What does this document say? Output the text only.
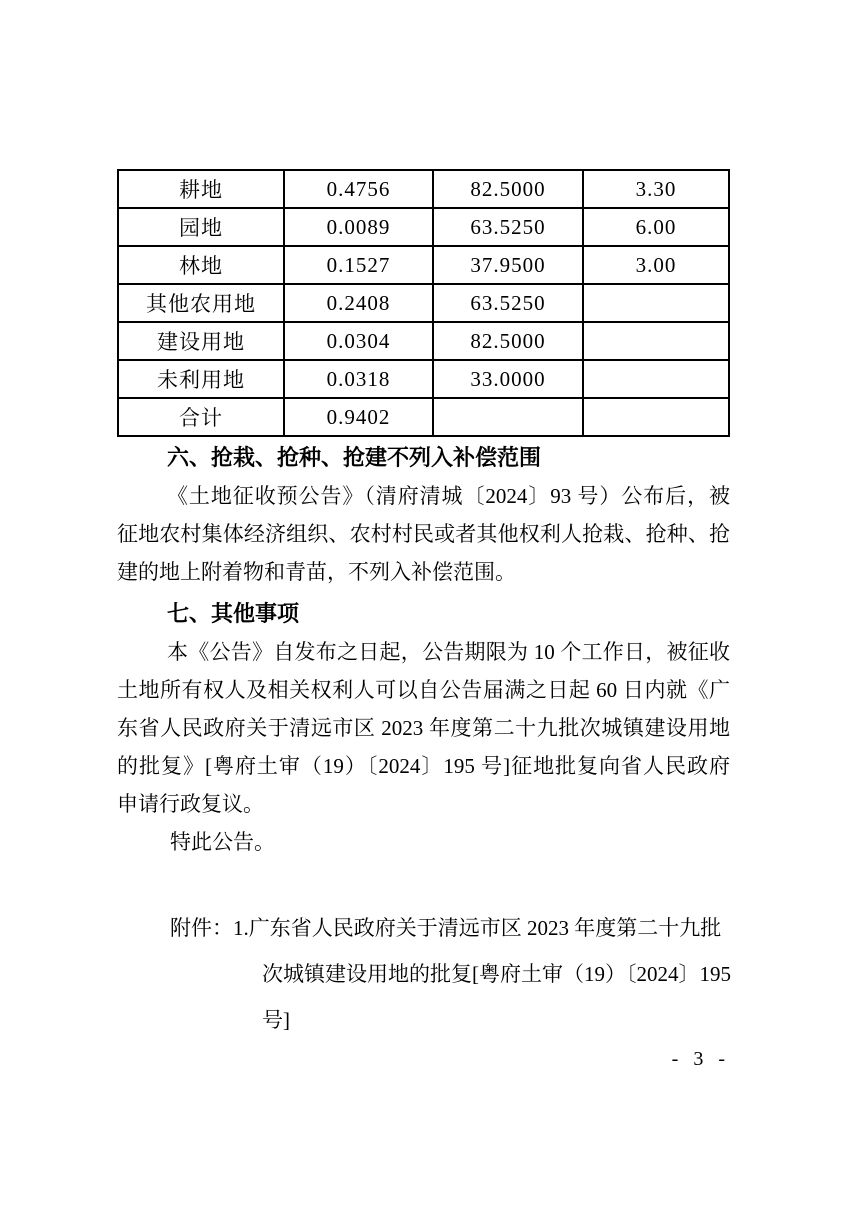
耕地	0.4756	82.5000	3.30
园地	0.0089	63.5250	6.00
林地	0.1527	37.9500	3.00
其他农用地	0.2408	63.5250	
建设用地	0.0304	82.5000	
未利用地	0.0318	33.0000	
合计	0.9402		
六、抢栽、抢种、抢建不列入补偿范围
《土地征收预公告》（清府清城〔2024〕93 号）公布后，被
征地农村集体经济组织、农村村民或者其他权利人抢栽、抢种、抢
建的地上附着物和青苗，不列入补偿范围。
七、其他事项
本《公告》自发布之日起，公告期限为 10 个工作日，被征收
土地所有权人及相关权利人可以自公告届满之日起 60 日内就《广
东省人民政府关于清远市区 2023 年度第二十九批次城镇建设用地
的批复》[粤府土审（19）〔2024〕195 号]征地批复向省人民政府
申请行政复议。
特此公告。
附件： 1.广东省人民政府关于清远市区 2023 年度第二十九批
次城镇建设用地的批复[粤府土审（19）〔2024〕195
号]
- 3 -
